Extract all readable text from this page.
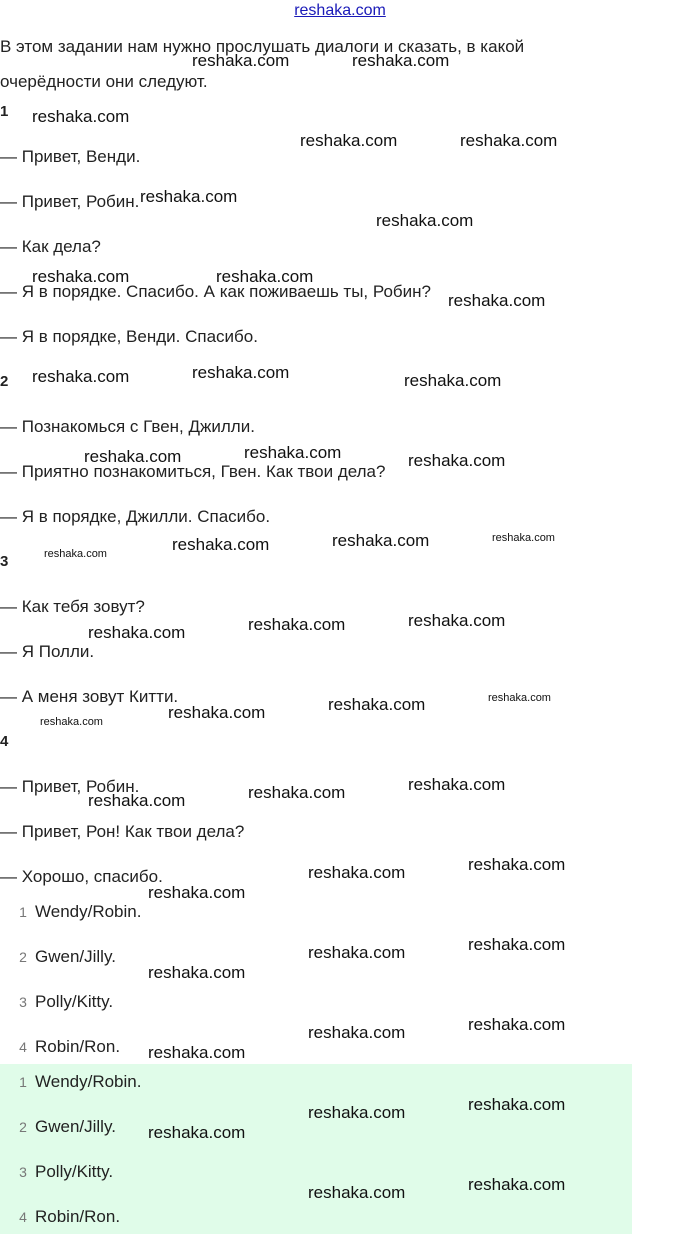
reshaka.com

В этом задании нам нужно прослушать диалоги и сказать, в какой очерёдности они следуют.

1
— Привет, Венди.
— Привет, Робин.
— Как дела?
— Я в порядке. Спасибо. А как поживаешь ты, Робин?
— Я в порядке, Венди. Спасибо.
2
— Познакомься с Гвен, Джилли.
— Приятно познакомиться, Гвен. Как твои дела?
— Я в порядке, Джилли. Спасибо.
3
— Как тебя зовут?
— Я Полли.
— А меня зовут Китти.
4
— Привет, Робин.
— Привет, Рон! Как твои дела?
— Хорошо, спасибо.
1 Wendy/Robin.
2 Gwen/Jilly.
3 Polly/Kitty.
4 Robin/Ron.
1 Wendy/Robin.
2 Gwen/Jilly.
3 Polly/Kitty.
4 Robin/Ron.
reshaka.com	reshaka.com
reshaka.com
reshaka.com	reshaka.com
reshaka.com
reshaka.com
reshaka.com	reshaka.com
reshaka.com
reshaka.com	reshaka.com	reshaka.com
reshaka.com
reshaka.com	reshaka.com
reshaka.com	reshaka.com	reshaka.com	reshaka.com
reshaka.com	reshaka.com	reshaka.com
reshaka.com	reshaka.com	reshaka.com	reshaka.com
reshaka.com	reshaka.com	reshaka.com
reshaka.com
reshaka.com	reshaka.com
reshaka.com
reshaka.com	reshaka.com
reshaka.com
reshaka.com	reshaka.com
reshaka.com
reshaka.com	reshaka.com
reshaka.com	reshaka.com
